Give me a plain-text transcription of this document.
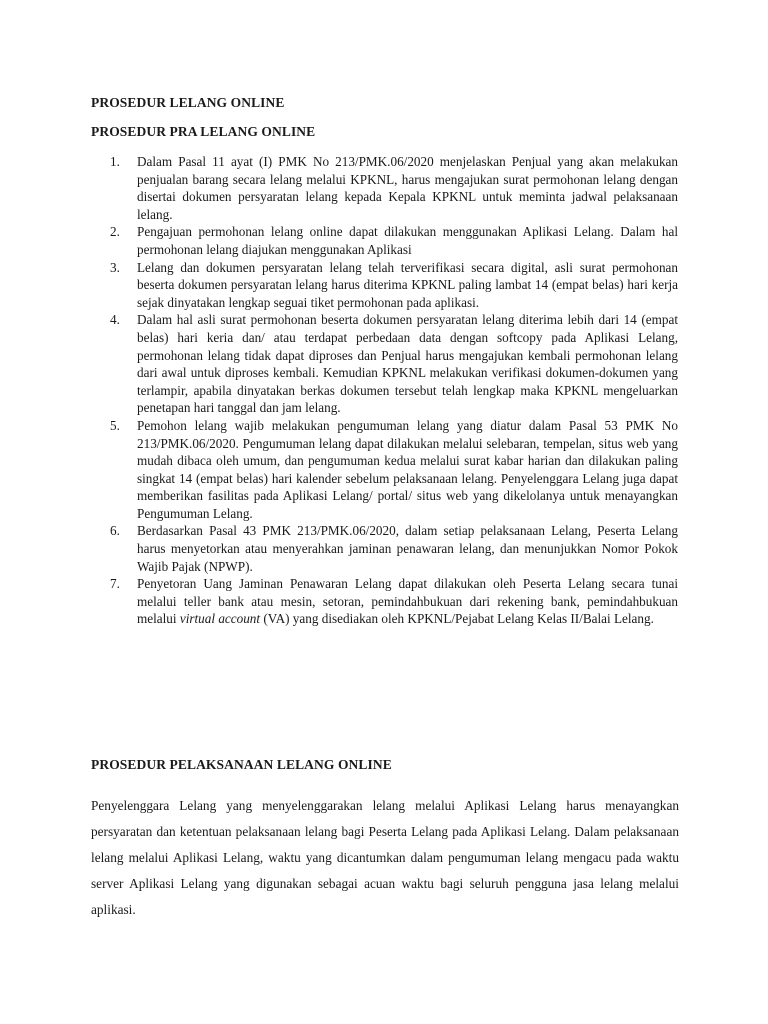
PROSEDUR LELANG ONLINE
PROSEDUR PRA LELANG ONLINE
1. Dalam Pasal 11 ayat (I) PMK No 213/PMK.06/2020 menjelaskan Penjual yang akan melakukan penjualan barang secara lelang melalui KPKNL, harus mengajukan surat permohonan lelang dengan disertai dokumen persyaratan lelang kepada Kepala KPKNL untuk meminta jadwal pelaksanaan lelang.
2. Pengajuan permohonan lelang online dapat dilakukan menggunakan Aplikasi Lelang. Dalam hal permohonan lelang diajukan menggunakan Aplikasi
3. Lelang dan dokumen persyaratan lelang telah terverifikasi secara digital, asli surat permohonan beserta dokumen persyaratan lelang harus diterima KPKNL paling lambat 14 (empat belas) hari kerja sejak dinyatakan lengkap seguai tiket permohonan pada aplikasi.
4. Dalam hal asli surat permohonan beserta dokumen persyaratan lelang diterima lebih dari 14 (empat belas) hari keria dan/ atau terdapat perbedaan data dengan softcopy pada Aplikasi Lelang, permohonan lelang tidak dapat diproses dan Penjual harus mengajukan kembali permohonan lelang dari awal untuk diproses kembali. Kemudian KPKNL melakukan verifikasi dokumen-dokumen yang terlampir, apabila dinyatakan berkas dokumen tersebut telah lengkap maka KPKNL mengeluarkan penetapan hari tanggal dan jam lelang.
5. Pemohon lelang wajib melakukan pengumuman lelang yang diatur dalam Pasal 53 PMK No 213/PMK.06/2020. Pengumuman lelang dapat dilakukan melalui selebaran, tempelan, situs web yang mudah dibaca oleh umum, dan pengumuman kedua melalui surat kabar harian dan dilakukan paling singkat 14 (empat belas) hari kalender sebelum pelaksanaan lelang. Penyelenggara Lelang juga dapat memberikan fasilitas pada Aplikasi Lelang/ portal/ situs web yang dikelolanya untuk menayangkan Pengumuman Lelang.
6. Berdasarkan Pasal 43 PMK 213/PMK.06/2020, dalam setiap pelaksanaan Lelang, Peserta Lelang harus menyetorkan atau menyerahkan jaminan penawaran lelang, dan menunjukkan Nomor Pokok Wajib Pajak (NPWP).
7. Penyetoran Uang Jaminan Penawaran Lelang dapat dilakukan oleh Peserta Lelang secara tunai melalui teller bank atau mesin, setoran, pemindahbukuan dari rekening bank, pemindahbukuan melalui virtual account (VA) yang disediakan oleh KPKNL/Pejabat Lelang Kelas II/Balai Lelang.
PROSEDUR PELAKSANAAN LELANG ONLINE

Penyelenggara Lelang yang menyelenggarakan lelang melalui Aplikasi Lelang harus menayangkan persyaratan dan ketentuan pelaksanaan lelang bagi Peserta Lelang pada Aplikasi Lelang. Dalam pelaksanaan lelang melalui Aplikasi Lelang, waktu yang dicantumkan dalam pengumuman lelang mengacu pada waktu server Aplikasi Lelang yang digunakan sebagai acuan waktu bagi seluruh pengguna jasa lelang melalui aplikasi.
